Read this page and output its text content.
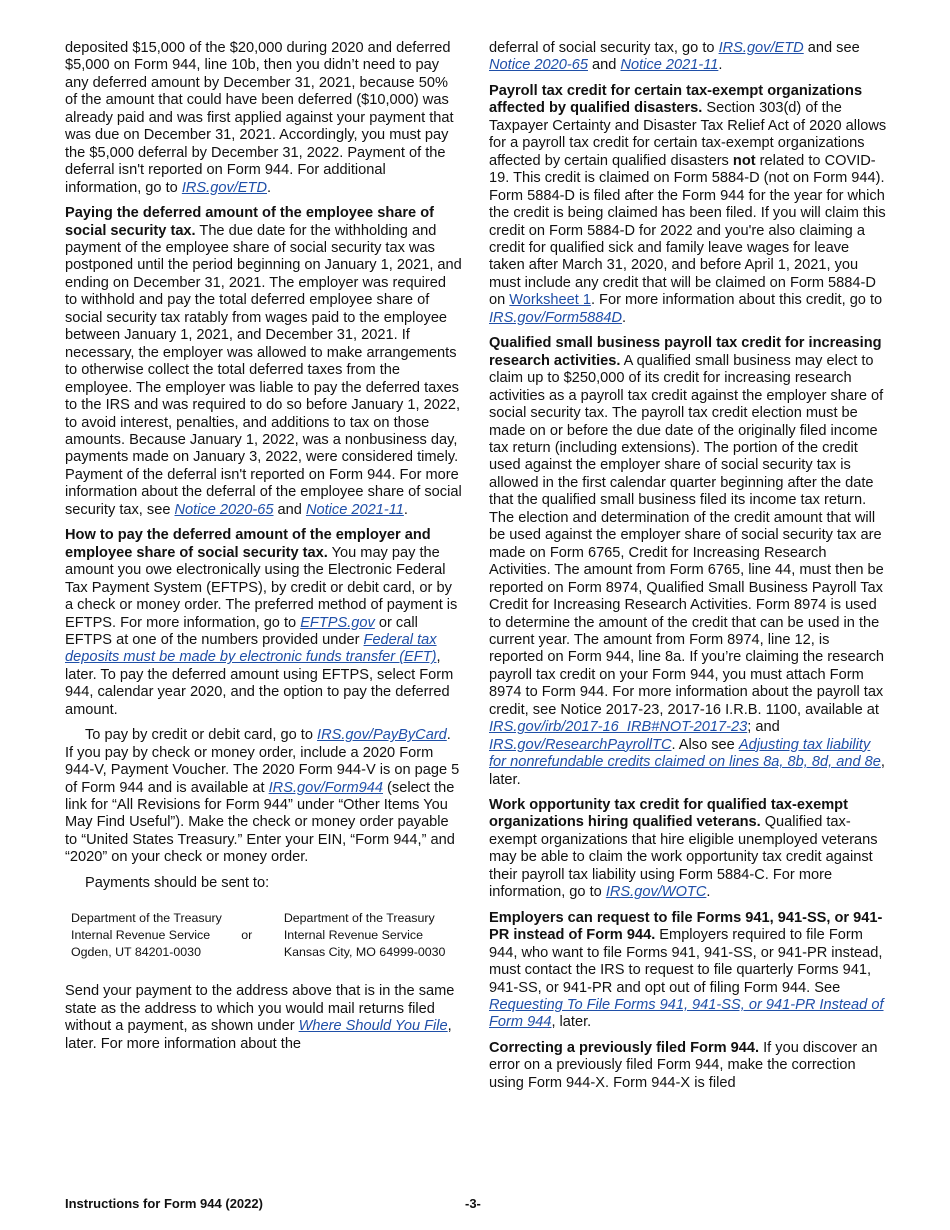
deposited $15,000 of the $20,000 during 2020 and deferred $5,000 on Form 944, line 10b, then you didn’t need to pay any deferred amount by December 31, 2021, because 50% of the amount that could have been deferred ($10,000) was already paid and was first applied against your payment that was due on December 31, 2021. Accordingly, you must pay the $5,000 deferral by December 31, 2022. Payment of the deferral isn't reported on Form 944. For additional information, go to IRS.gov/ETD.

Paying the deferred amount of the employee share of social security tax. The due date for the withholding and payment of the employee share of social security tax was postponed until the period beginning on January 1, 2021, and ending on December 31, 2021. The employer was required to withhold and pay the total deferred employee share of social security tax ratably from wages paid to the employee between January 1, 2021, and December 31, 2021. If necessary, the employer was allowed to make arrangements to otherwise collect the total deferred taxes from the employee. The employer was liable to pay the deferred taxes to the IRS and was required to do so before January 1, 2022, to avoid interest, penalties, and additions to tax on those amounts. Because January 1, 2022, was a nonbusiness day, payments made on January 3, 2022, were considered timely. Payment of the deferral isn't reported on Form 944. For more information about the deferral of the employee share of social security tax, see Notice 2020-65 and Notice 2021-11.

How to pay the deferred amount of the employer and employee share of social security tax. You may pay the amount you owe electronically using the Electronic Federal Tax Payment System (EFTPS), by credit or debit card, or by a check or money order. The preferred method of payment is EFTPS. For more information, go to EFTPS.gov or call EFTPS at one of the numbers provided under Federal tax deposits must be made by electronic funds transfer (EFT), later. To pay the deferred amount using EFTPS, select Form 944, calendar year 2020, and the option to pay the deferred amount.

To pay by credit or debit card, go to IRS.gov/PayByCard. If you pay by check or money order, include a 2020 Form 944-V, Payment Voucher. The 2020 Form 944-V is on page 5 of Form 944 and is available at IRS.gov/Form944 (select the link for “All Revisions for Form 944” under “Other Items You May Find Useful”). Make the check or money order payable to “United States Treasury.” Enter your EIN, “Form 944,” and “2020” on your check or money order.

Payments should be sent to:

Department of the Treasury
Internal Revenue Service
Ogden, UT 84201-0030
or
Department of the Treasury
Internal Revenue Service
Kansas City, MO 64999-0030

Send your payment to the address above that is in the same state as the address to which you would mail returns filed without a payment, as shown under Where Should You File, later. For more information about the

deferral of social security tax, go to IRS.gov/ETD and see Notice 2020-65 and Notice 2021-11.

Payroll tax credit for certain tax-exempt organizations affected by qualified disasters. Section 303(d) of the Taxpayer Certainty and Disaster Tax Relief Act of 2020 allows for a payroll tax credit for certain tax-exempt organizations affected by certain qualified disasters not related to COVID-19. This credit is claimed on Form 5884-D (not on Form 944). Form 5884-D is filed after the Form 944 for the year for which the credit is being claimed has been filed. If you will claim this credit on Form 5884-D for 2022 and you're also claiming a credit for qualified sick and family leave wages for leave taken after March 31, 2020, and before April 1, 2021, you must include any credit that will be claimed on Form 5884-D on Worksheet 1. For more information about this credit, go to IRS.gov/Form5884D.

Qualified small business payroll tax credit for increasing research activities. A qualified small business may elect to claim up to $250,000 of its credit for increasing research activities as a payroll tax credit against the employer share of social security tax. The payroll tax credit election must be made on or before the due date of the originally filed income tax return (including extensions). The portion of the credit used against the employer share of social security tax is allowed in the first calendar quarter beginning after the date that the qualified small business filed its income tax return. The election and determination of the credit amount that will be used against the employer share of social security tax are made on Form 6765, Credit for Increasing Research Activities. The amount from Form 6765, line 44, must then be reported on Form 8974, Qualified Small Business Payroll Tax Credit for Increasing Research Activities. Form 8974 is used to determine the amount of the credit that can be used in the current year. The amount from Form 8974, line 12, is reported on Form 944, line 8a. If you’re claiming the research payroll tax credit on your Form 944, you must attach Form 8974 to Form 944. For more information about the payroll tax credit, see Notice 2017-23, 2017-16 I.R.B. 1100, available at IRS.gov/irb/2017-16_IRB#NOT-2017-23; and IRS.gov/ResearchPayrollTC. Also see Adjusting tax liability for nonrefundable credits claimed on lines 8a, 8b, 8d, and 8e, later.

Work opportunity tax credit for qualified tax-exempt organizations hiring qualified veterans. Qualified tax-exempt organizations that hire eligible unemployed veterans may be able to claim the work opportunity tax credit against their payroll tax liability using Form 5884-C. For more information, go to IRS.gov/WOTC.

Employers can request to file Forms 941, 941-SS, or 941-PR instead of Form 944. Employers required to file Form 944, who want to file Forms 941, 941-SS, or 941-PR instead, must contact the IRS to request to file quarterly Forms 941, 941-SS, or 941-PR and opt out of filing Form 944. See Requesting To File Forms 941, 941-SS, or 941-PR Instead of Form 944, later.

Correcting a previously filed Form 944. If you discover an error on a previously filed Form 944, make the correction using Form 944-X. Form 944-X is filed

Instructions for Form 944 (2022)	-3-
